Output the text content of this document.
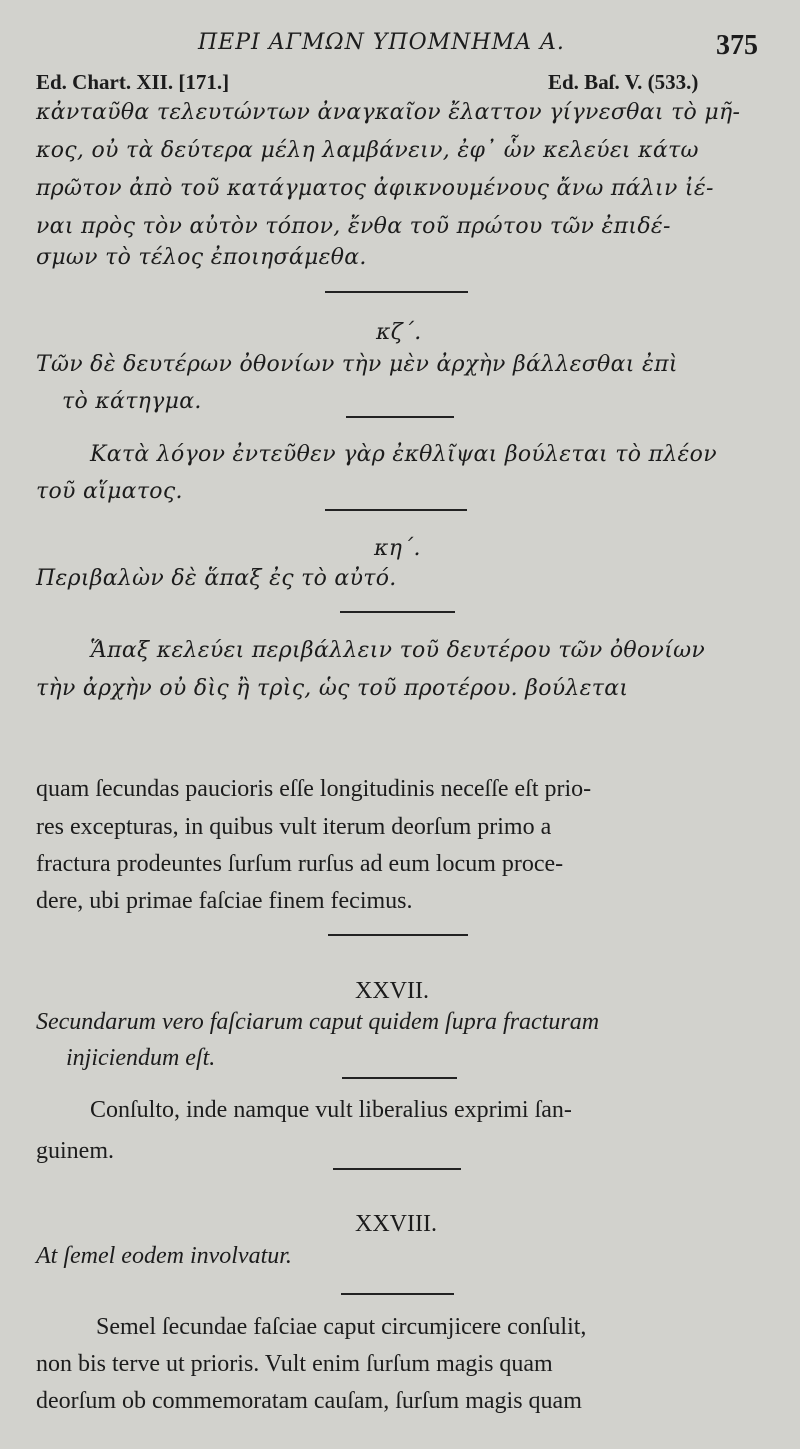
ΠΕΡΙ ΑΓΜΩΝ ΥΠΟΜΝΗΜΑ Α.	375
Ed. Chart. XII. [171.]	Ed. Baſ. V. (533.)
κἀνταῦθα τελευτώντων ἀναγκαῖον ἔλαττον γίγνεσθαι τὸ μῆ-
κος, οὐ τὰ δεύτερα μέλη λαμβάνειν, ἐφ᾽ ὧν κελεύει κάτω
πρῶτον ἀπὸ τοῦ κατάγματος ἀφικνουμένους ἄνω πάλιν ἰέ-
ναι πρὸς τὸν αὐτὸν τόπον, ἔνθα τοῦ πρώτου τῶν ἐπιδέ-
σμων τὸ τέλος ἐποιησάμεθα.
κζ΄.
Τῶν δὲ δευτέρων ὀθονίων τὴν μὲν ἀρχὴν βάλλεσθαι ἐπὶ
τὸ κάτηγμα.
Κατὰ λόγον ἐντεῦθεν γὰρ ἐκθλῖψαι βούλεται τὸ πλέον
τοῦ αἵματος.
κη΄.
Περιβαλὼν δὲ ἅπαξ ἐς τὸ αὐτό.
Ἅπαξ κελεύει περιβάλλειν τοῦ δευτέρου τῶν ὀθονίων
τὴν ἀρχὴν οὐ δὶς ἢ τρὶς, ὡς τοῦ προτέρου. βούλεται
quam ſecundas paucioris eſſe longitudinis neceſſe eſt prio-
res excepturas, in quibus vult iterum deorſum primo a
fractura prodeuntes ſurſum rurſus ad eum locum proce-
dere, ubi primae faſciae finem fecimus.
XXVII.
Secundarum vero faſciarum caput quidem ſupra fracturam
injiciendum eſt.
Conſulto, inde namque vult liberalius exprimi ſan-
guinem.
XXVIII.
At ſemel eodem involvatur.
Semel ſecundae faſciae caput circumjicere conſulit,
non bis terve ut prioris. Vult enim ſurſum magis quam
deorſum ob commemoratam cauſam, ſurſum magis quam
